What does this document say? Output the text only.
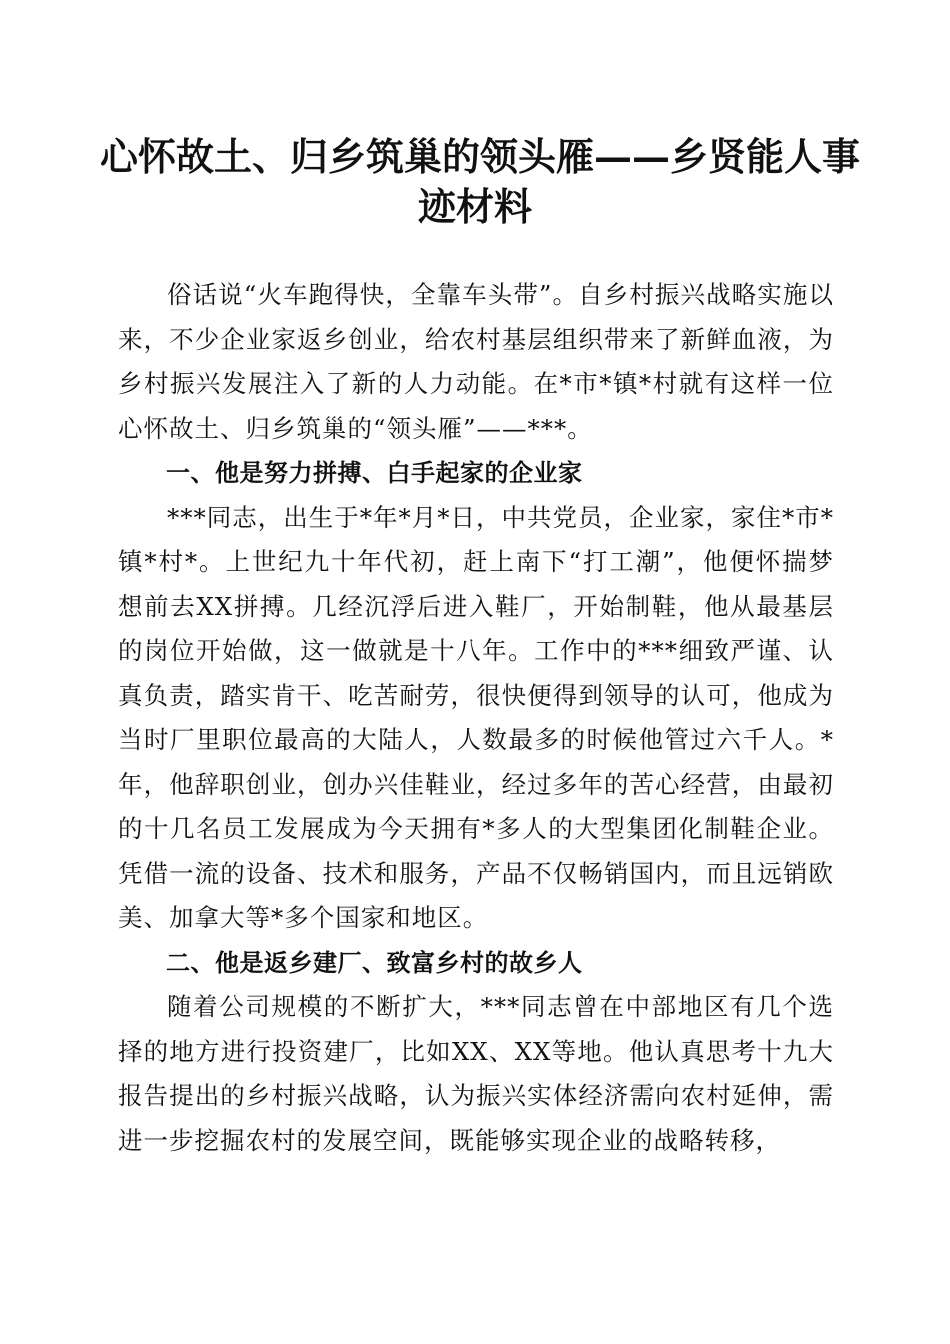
心怀故土、归乡筑巢的领头雁——乡贤能人事
迹材料

俗话说“火车跑得快，全靠车头带”。自乡村振兴战略实施以来，不少企业家返乡创业，给农村基层组织带来了新鲜血液，为乡村振兴发展注入了新的人力动能。在*市*镇*村就有这样一位心怀故土、归乡筑巢的“领头雁”——***。

一、他是努力拼搏、白手起家的企业家

***同志，出生于*年*月*日，中共党员，企业家，家住*市*镇*村*。上世纪九十年代初，赶上南下“打工潮”，他便怀揣梦想前去XX拼搏。几经沉浮后进入鞋厂，开始制鞋，他从最基层的岗位开始做，这一做就是十八年。工作中的***细致严谨、认真负责，踏实肯干、吃苦耐劳，很快便得到领导的认可，他成为当时厂里职位最高的大陆人，人数最多的时候他管过六千人。*年，他辞职创业，创办兴佳鞋业，经过多年的苦心经营，由最初的十几名员工发展成为今天拥有*多人的大型集团化制鞋企业。凭借一流的设备、技术和服务，产品不仅畅销国内，而且远销欧美、加拿大等*多个国家和地区。

二、他是返乡建厂、致富乡村的故乡人

随着公司规模的不断扩大，***同志曾在中部地区有几个选择的地方进行投资建厂，比如XX、XX等地。他认真思考十九大报告提出的乡村振兴战略，认为振兴实体经济需向农村延伸，需进一步挖掘农村的发展空间，既能够实现企业的战略转移，
